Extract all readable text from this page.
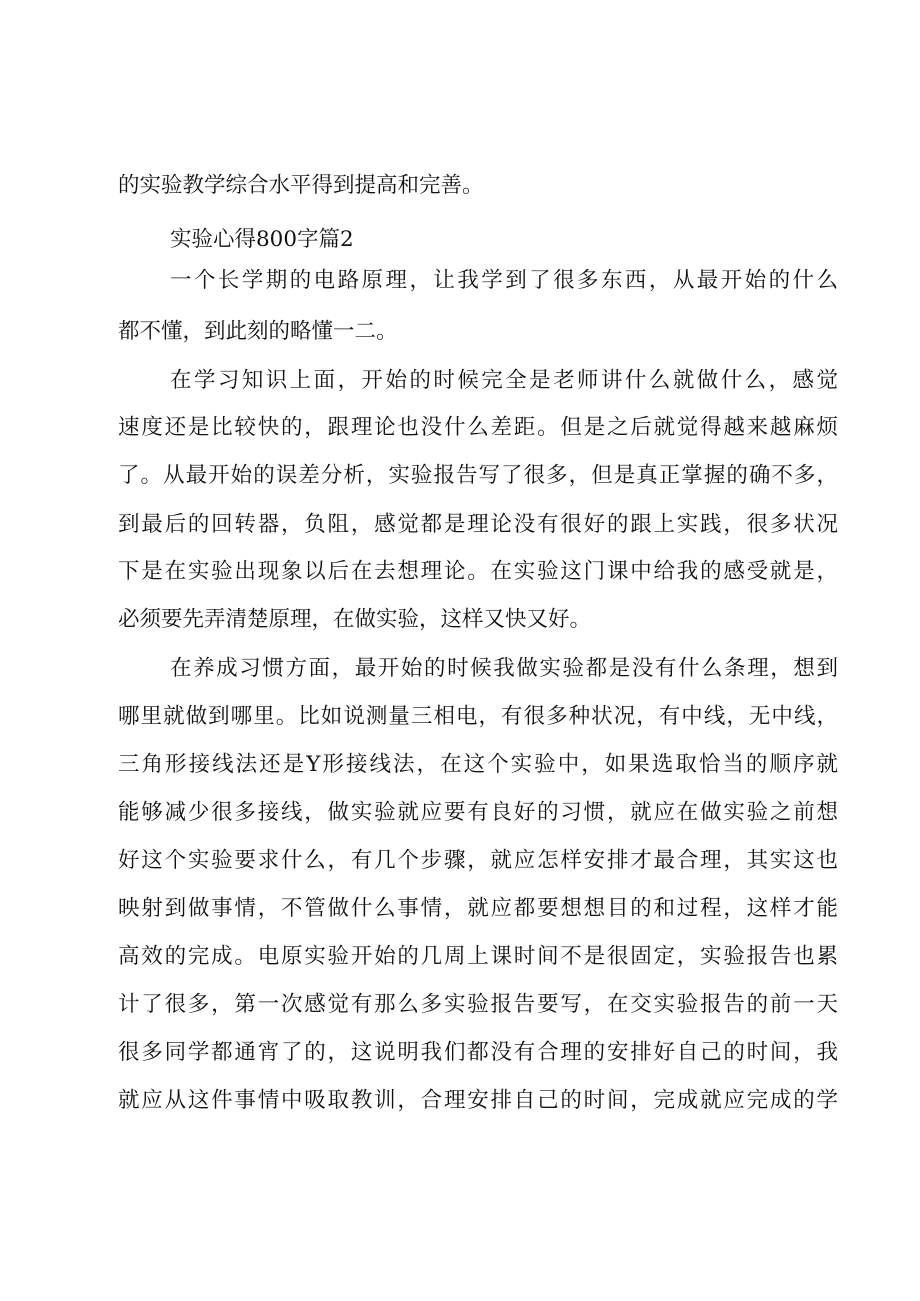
的实验教学综合水平得到提高和完善。
实验心得800字篇2
一个长学期的电路原理，让我学到了很多东西，从最开始的什么
都不懂，到此刻的略懂一二。
在学习知识上面，开始的时候完全是老师讲什么就做什么，感觉
速度还是比较快的，跟理论也没什么差距。但是之后就觉得越来越麻烦
了。从最开始的误差分析，实验报告写了很多，但是真正掌握的确不多，
到最后的回转器，负阻，感觉都是理论没有很好的跟上实践，很多状况
下是在实验出现象以后在去想理论。在实验这门课中给我的感受就是，
必须要先弄清楚原理，在做实验，这样又快又好。
在养成习惯方面，最开始的时候我做实验都是没有什么条理，想到
哪里就做到哪里。比如说测量三相电，有很多种状况，有中线，无中线，
三角形接线法还是Y形接线法，在这个实验中，如果选取恰当的顺序就
能够减少很多接线，做实验就应要有良好的习惯，就应在做实验之前想
好这个实验要求什么，有几个步骤，就应怎样安排才最合理，其实这也
映射到做事情，不管做什么事情，就应都要想想目的和过程，这样才能
高效的完成。电原实验开始的几周上课时间不是很固定，实验报告也累
计了很多，第一次感觉有那么多实验报告要写，在交实验报告的前一天
很多同学都通宵了的，这说明我们都没有合理的安排好自己的时间，我
就应从这件事情中吸取教训，合理安排自己的时间，完成就应完成的学
